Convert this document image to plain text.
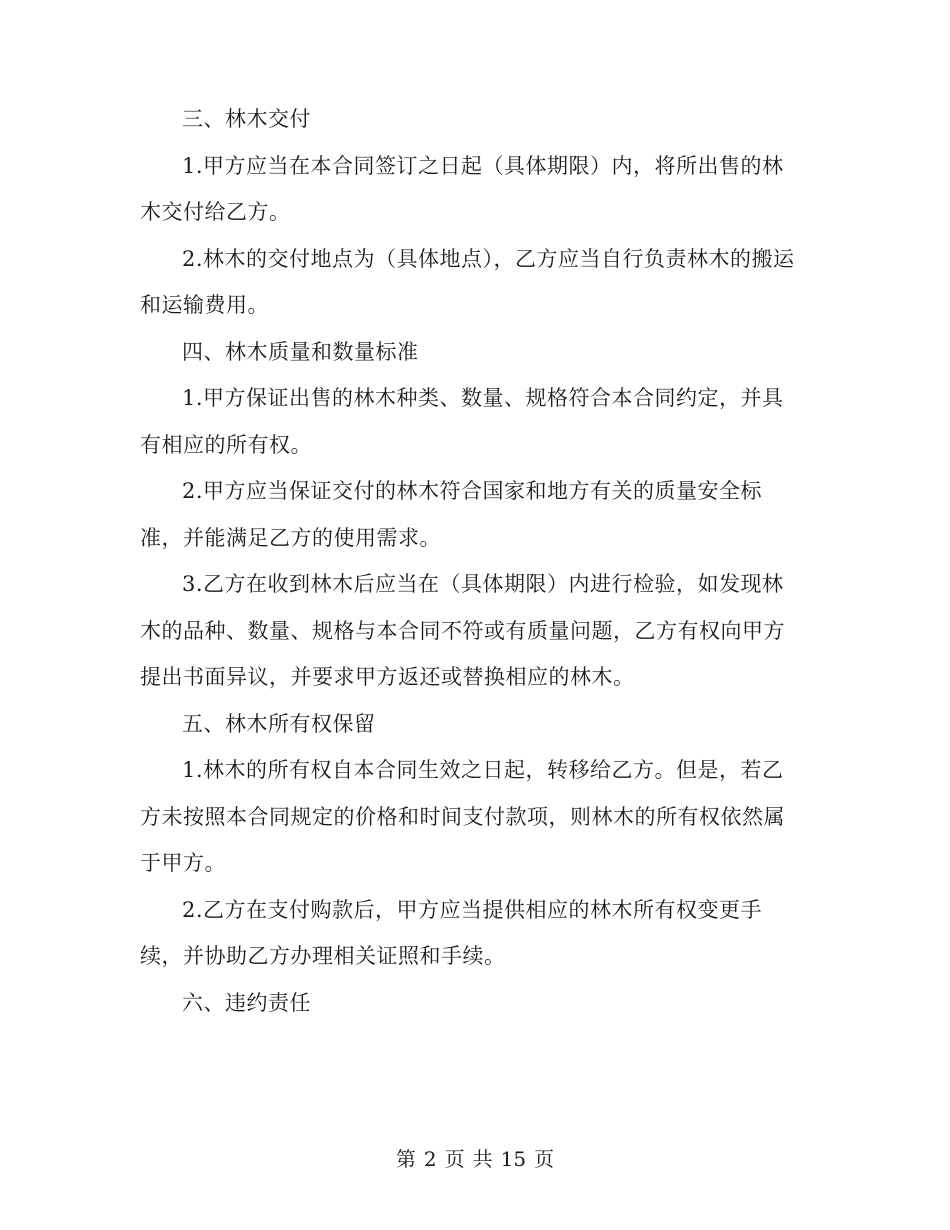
三、林木交付

1.甲方应当在本合同签订之日起（具体期限）内，将所出售的林木交付给乙方。

2.林木的交付地点为（具体地点），乙方应当自行负责林木的搬运和运输费用。

四、林木质量和数量标准

1.甲方保证出售的林木种类、数量、规格符合本合同约定，并具有相应的所有权。

2.甲方应当保证交付的林木符合国家和地方有关的质量安全标准，并能满足乙方的使用需求。

3.乙方在收到林木后应当在（具体期限）内进行检验，如发现林木的品种、数量、规格与本合同不符或有质量问题，乙方有权向甲方提出书面异议，并要求甲方返还或替换相应的林木。

五、林木所有权保留

1.林木的所有权自本合同生效之日起，转移给乙方。但是，若乙方未按照本合同规定的价格和时间支付款项，则林木的所有权依然属于甲方。

2.乙方在支付购款后，甲方应当提供相应的林木所有权变更手续，并协助乙方办理相关证照和手续。

六、违约责任

第 2 页 共 15 页
